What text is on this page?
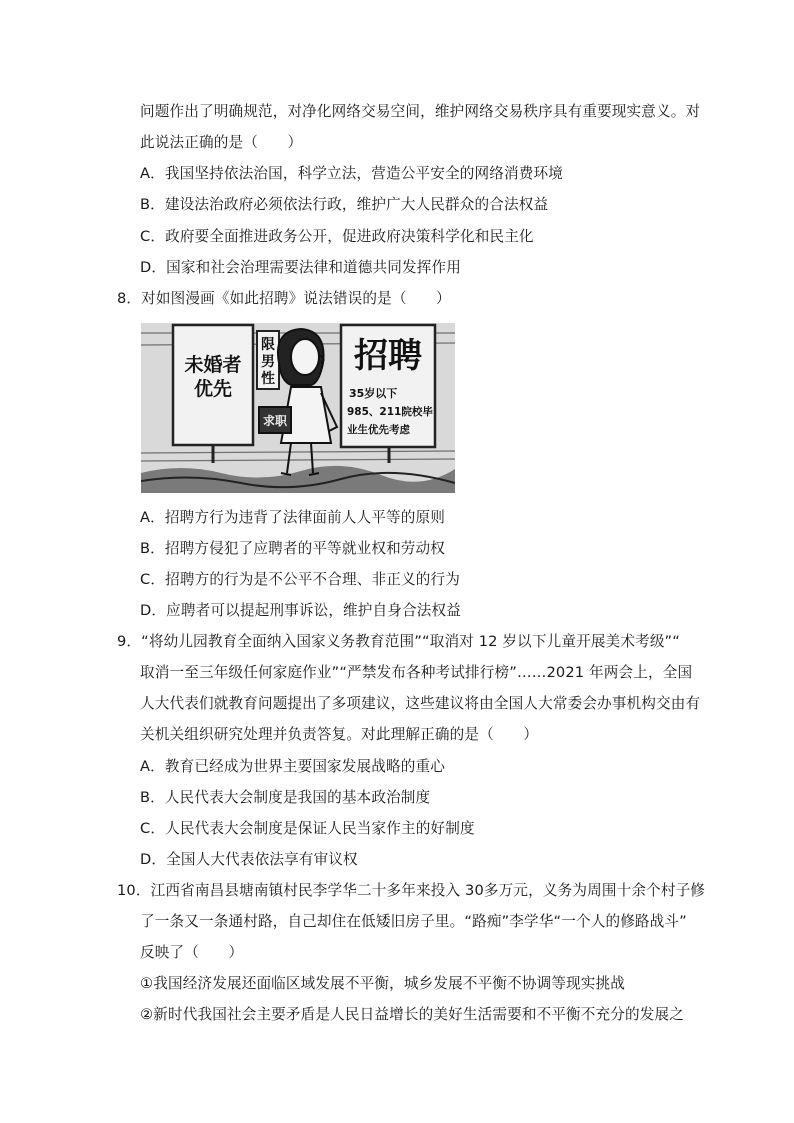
问题作出了明确规范，对净化网络交易空间，维护网络交易秩序具有重要现实意义。对
此说法正确的是（　　）
A．我国坚持依法治国，科学立法，营造公平安全的网络消费环境
B．建设法治政府必须依法行政，维护广大人民群众的合法权益
C．政府要全面推进政务公开，促进政府决策科学化和民主化
D．国家和社会治理需要法律和道德共同发挥作用
8．对如图漫画《如此招聘》说法错误的是（　　）
未婚者
优先
限
男
性
求职
招聘
35岁以下
985、211院校毕
业生优先考虑
A．招聘方行为违背了法律面前人人平等的原则
B．招聘方侵犯了应聘者的平等就业权和劳动权
C．招聘方的行为是不公平不合理、非正义的行为
D．应聘者可以提起刑事诉讼，维护自身合法权益
9．“将幼儿园教育全面纳入国家义务教育范围”“取消对 12 岁以下儿童开展美术考级”“
取消一至三年级任何家庭作业”“严禁发布各种考试排行榜”……2021 年两会上，全国
人大代表们就教育问题提出了多项建议，这些建议将由全国人大常委会办事机构交由有
关机关组织研究处理并负责答复。对此理解正确的是（　　）
A．教育已经成为世界主要国家发展战略的重心
B．人民代表大会制度是我国的基本政治制度
C．人民代表大会制度是保证人民当家作主的好制度
D．全国人大代表依法享有审议权
10．江西省南昌县塘南镇村民李学华二十多年来投入 30多万元，义务为周围十余个村子修
了一条又一条通村路，自己却住在低矮旧房子里。“路痴”李学华“一个人的修路战斗”
反映了（　　）
①我国经济发展还面临区域发展不平衡，城乡发展不平衡不协调等现实挑战
②新时代我国社会主要矛盾是人民日益增长的美好生活需要和不平衡不充分的发展之
